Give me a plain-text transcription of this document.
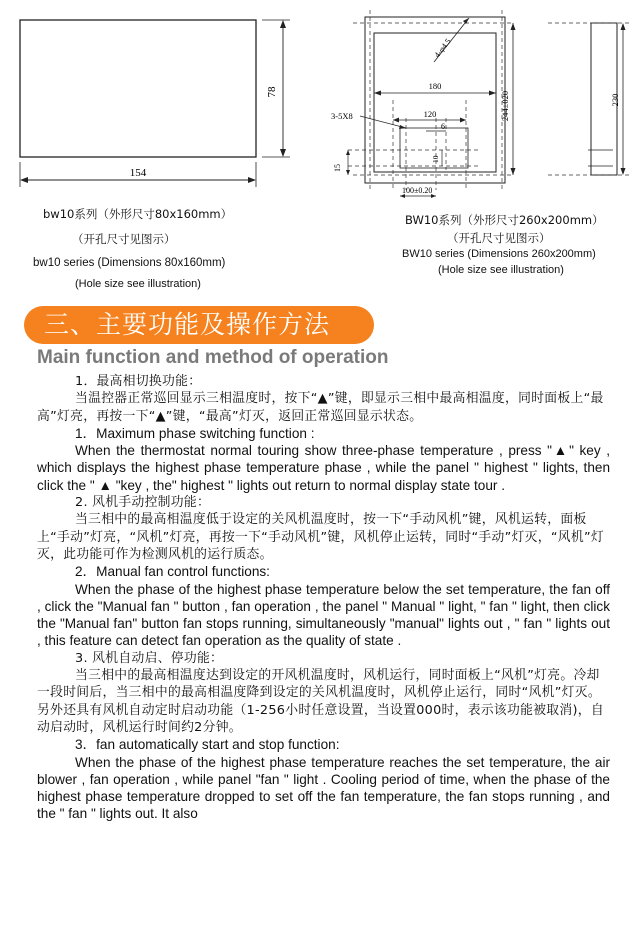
78
154
bw10系列（外形尺寸80x160mm）
（开孔尺寸见图示）
bw10 series (Dimensions 80x160mm)
(Hole size see illustration)
4-φ4.5
180
120
6
10
3-5X8
15
100±0.20
244±020	230
BW10系列（外形尺寸260x200mm）
（开孔尺寸见图示）
BW10 series (Dimensions 260x200mm)
(Hole size see illustration)
三、主要功能及操作方法
Main function and method of operation

1．最高相切换功能：

当温控器正常巡回显示三相温度时，按下“▲”键，即显示三相中最高相温度，同时面板上“最高”灯亮，再按一下“▲”键，“最高”灯灭，返回正常巡回显示状态。

1．Maximum phase switching function :

When the thermostat normal touring show three-phase temperature , press "▲" key , which displays the highest phase temperature phase , while the panel " highest " lights, then click the " ▲ "key , the" highest " lights out return to normal display state tour .

2. 风机手动控制功能：

当三相中的最高相温度低于设定的关风机温度时，按一下“手动风机”键，风机运转，面板上“手动”灯亮，“风机”灯亮，再按一下“手动风机”键，风机停止运转，同时“手动”灯灭，“风机”灯灭，此功能可作为检测风机的运行质态。

2．Manual fan control functions:

When the phase of the highest phase temperature below the set temperature, the fan off , click the "Manual fan " button , fan operation , the panel " Manual " light, " fan " light, then click the "Manual fan" button fan stops running, simultaneously "manual" lights out , " fan " lights out , this feature can detect fan operation as the quality of state .

3. 风机自动启、停功能：

当三相中的最高相温度达到设定的开风机温度时，风机运行，同时面板上“风机”灯亮。冷却一段时间后，当三相中的最高相温度降到设定的关风机温度时，风机停止运行，同时“风机”灯灭。另外还具有风机自动定时启动功能（1-256小时任意设置，当设置000时，表示该功能被取消)，自动启动时，风机运行时间约2分钟。

3．fan automatically start and stop function:

When the phase of the highest phase temperature reaches the set temperature, the air blower , fan operation , while panel "fan " light . Cooling period of time, when the phase of the highest phase temperature dropped to set off the fan temperature, the fan stops running , and the " fan " lights out. It also
